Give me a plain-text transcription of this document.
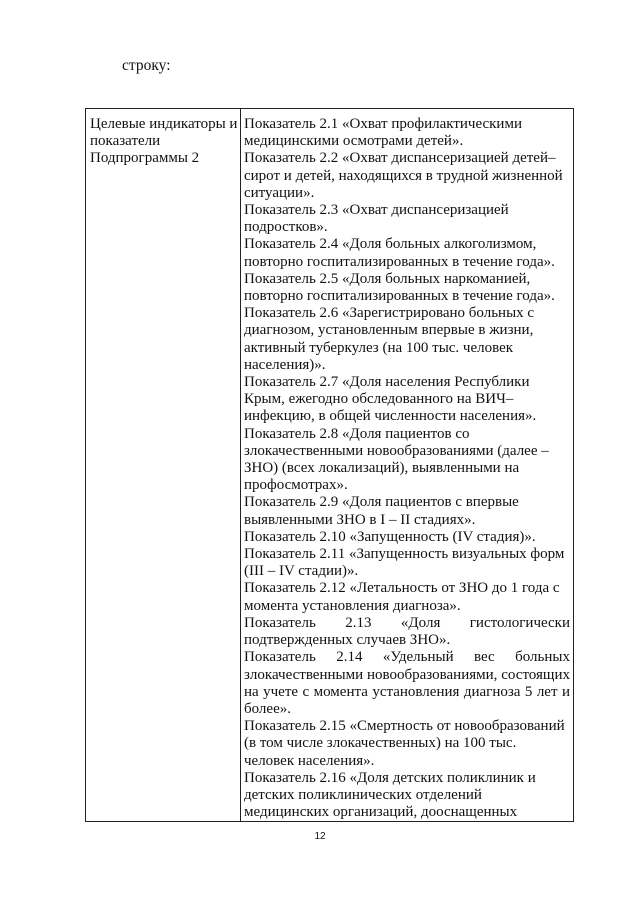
строку:
Целевые индикаторы и показатели Подпрограммы 2

Показатель 2.1 «Охват профилактическими медицинскими осмотрами детей».

Показатель 2.2 «Охват диспансеризацией детей–сирот и детей, находящихся в трудной жизненной ситуации».

Показатель 2.3 «Охват диспансеризацией подростков».

Показатель 2.4 «Доля больных алкоголизмом, повторно госпитализированных в течение года».

Показатель 2.5 «Доля больных наркоманией, повторно госпитализированных в течение года».

Показатель 2.6 «Зарегистрировано больных с диагнозом, установленным впервые в жизни, активный туберкулез (на 100 тыс. человек населения)».

Показатель 2.7 «Доля населения Республики Крым, ежегодно обследованного на ВИЧ–инфекцию, в общей численности населения».

Показатель 2.8 «Доля пациентов со злокачественными новообразованиями (далее – ЗНО) (всех локализаций), выявленными на профосмотрах».

Показатель 2.9 «Доля пациентов с впервые выявленными ЗНО в I – II стадиях».

Показатель 2.10 «Запущенность (IV стадия)».

Показатель 2.11 «Запущенность визуальных форм (III – IV стадии)».

Показатель 2.12 «Летальность от ЗНО до 1 года с момента установления диагноза».

Показатель 2.13 «Доля гистологически подтвержденных случаев ЗНО».

Показатель 2.14 «Удельный вес больных злокачественными новообразованиями, состоящих на учете с момента установления диагноза 5 лет и более».

Показатель 2.15 «Смертность от новообразований (в том числе злокачественных) на 100 тыс. человек населения».

Показатель 2.16 «Доля детских поликлиник и детских поликлинических отделений медицинских организаций, дооснащенных

12
